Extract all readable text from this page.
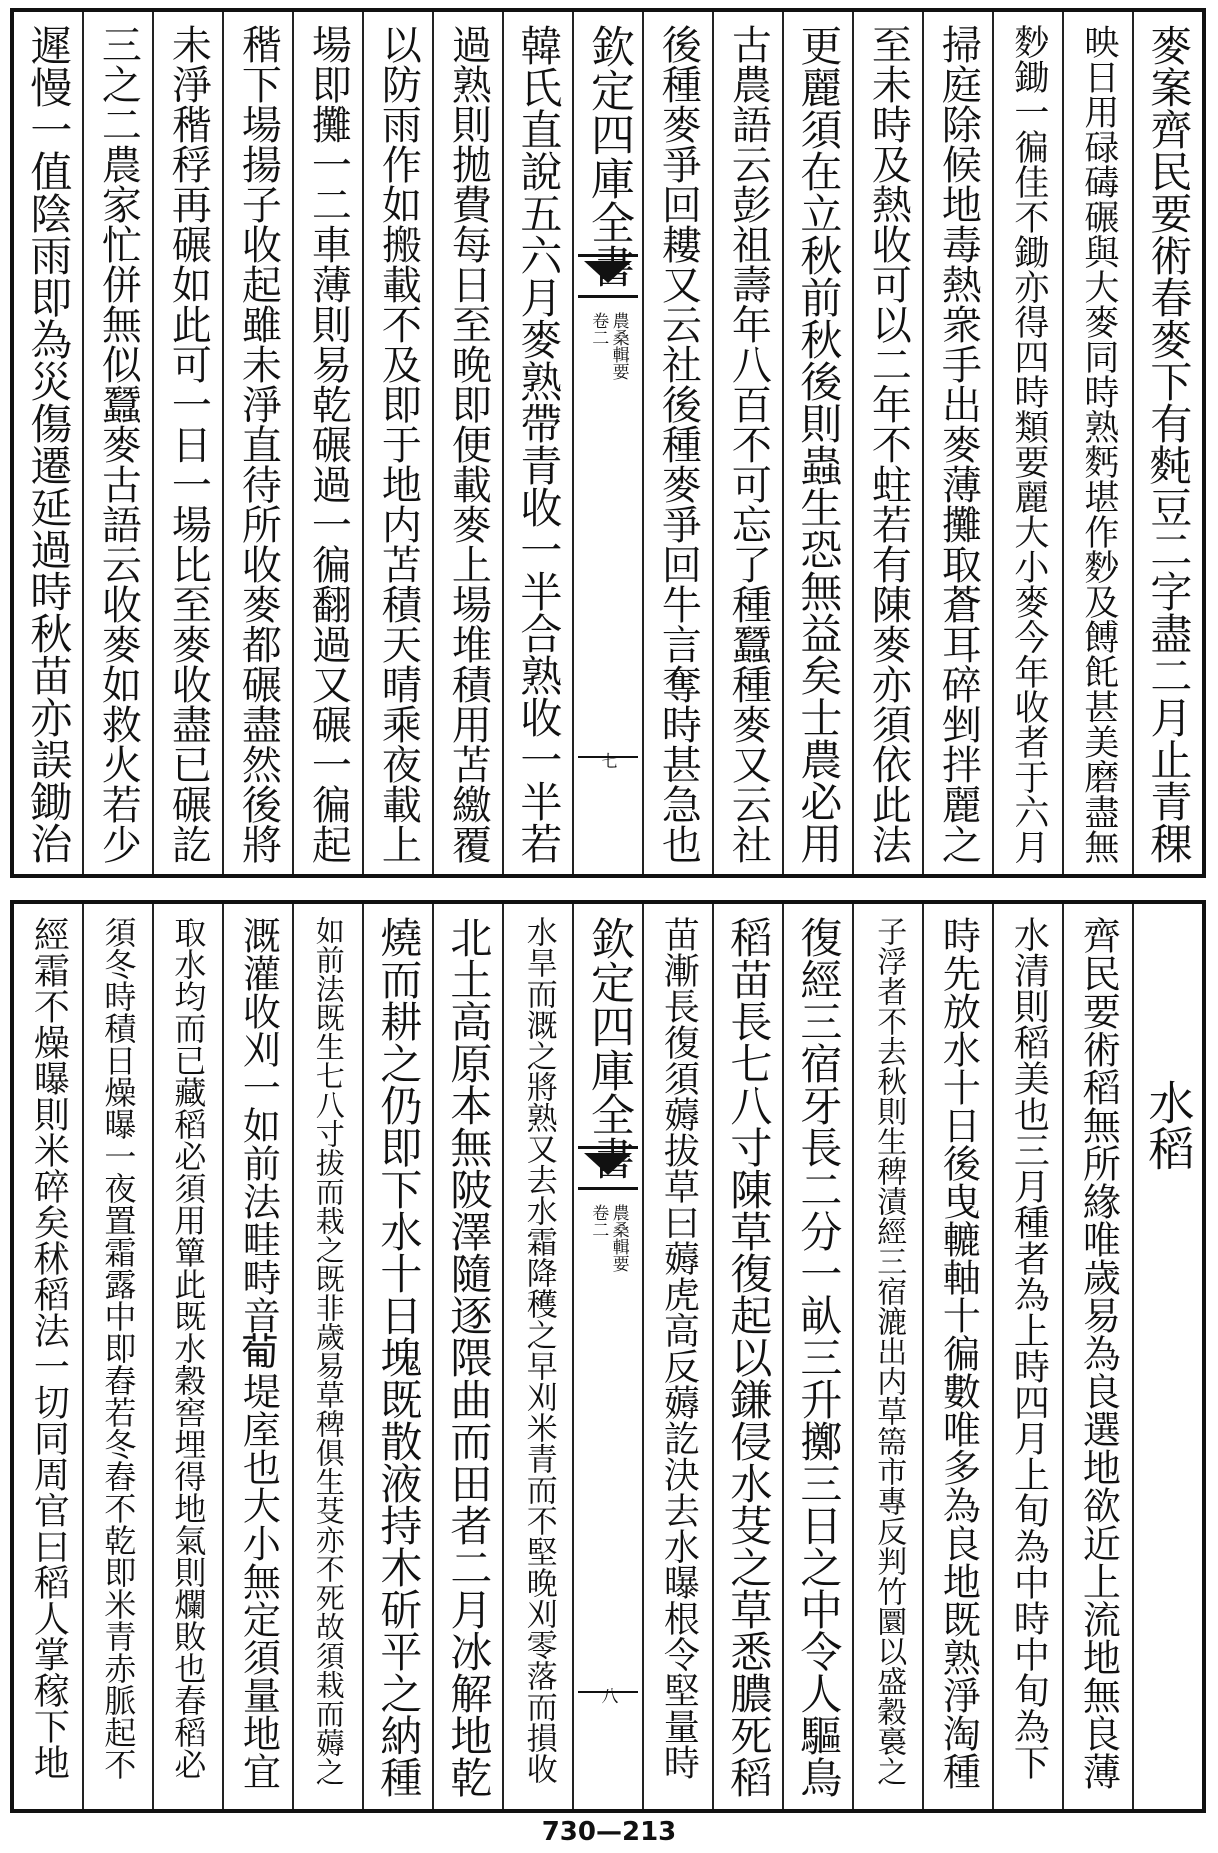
麥案齊民要術春麥下有𪌋豆二字盡二月止青稞
映日用碌碡碾與大麥同時熟麫堪作麨及餺飥甚美磨盡無
麨鋤一徧佳不鋤亦得四時類要麗大小麥今年收者于六月
掃庭除候地毒熱衆手出麥薄攤取蒼耳碎剉拌麗之
至未時及熱收可以二年不蛀若有陳麥亦須依此法
更麗須在立秋前秋後則蟲生恐無益矣士農必用
古農語云彭祖壽年八百不可忘了種蠶種麥又云社
後種麥爭回耬又云社後種麥爭回牛言奪時甚急也
欽定四庫全書
農桑輯要
卷二
七
韓氏直說五六月麥熟帶青收一半合熟收一半若
過熟則拋費每日至晚即便載麥上場堆積用苫繳覆
以防雨作如搬載不及即于地内苫積天晴乘夜載上
場即攤一二車薄則易乾碾過一徧翻過又碾一徧起
稭下場揚子收起雖未淨直待所收麥都碾盡然後將
未淨稭稃再碾如此可一日一場比至麥收盡已碾訖
三之二農家忙併無似蠶麥古語云收麥如救火若少
遲慢一值陰雨即為災傷遷延過時秋苗亦誤鋤治
水稻
齊民要術稻無所緣唯歲易為良選地欲近上流地無良薄
水清則稻美也三月種者為上時四月上旬為中時中旬為下
時先放水十日後曳轆軸十徧數唯多為良地既熟淨淘種
子浮者不去秋則生稗漬經三宿漉出内草篅市專反判竹圜以盛穀裛之
復經三宿牙長二分一畒三升擲三日之中令人驅鳥
稻苗長七八寸陳草復起以鎌侵水芟之草悉膿死稻
苗漸長復須薅拔草曰薅虎高反薅訖決去水曝根令堅量時
欽定四庫全書
農桑輯要
卷二
八
水旱而溉之將熟又去水霜降穫之早刈米青而不堅晚刈零落而損收
北土高原本無陂澤隨逐隈曲而田者二月冰解地乾
燒而耕之仍即下水十日塊既散液持木斫平之納種
如前法既生七八寸拔而栽之既非歲易草稗俱生芟亦不死故須栽而薅之
溉灌收刈一如前法畦畤音𤰈堤庢也大小無定須量地宜
取水均而已藏稻必須用簞此既水穀窖埋得地氣則爛敗也春稻必
須冬時積日燥曝一夜置霜露中即舂若冬舂不乾即米青赤脈起不
經霜不燥曝則米碎矣秫稻法一切同周官曰稻人掌稼下地
730—213
